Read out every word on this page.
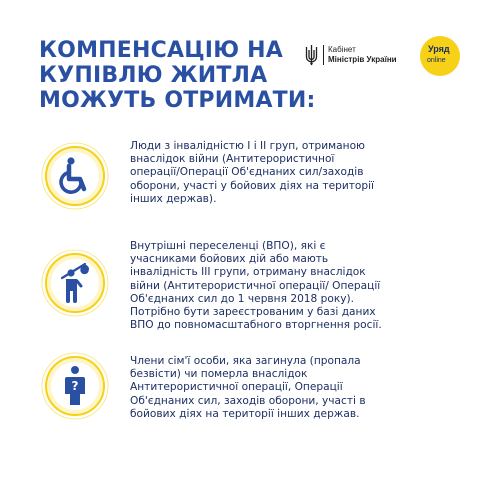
КОМПЕНСАЦІЮ НА
КУПІВЛЮ ЖИТЛА
МОЖУТЬ ОТРИМАТИ:
Кабінет
Міністрів України
Уряд
online
Люди з інвалідністю I і II груп, отриманою
внаслідок війни (Антитерористичної
операції/Операції Об'єднаних сил/заходів
оборони, участі у бойових діях на території
інших держав).
Внутрішні переселенці (ВПО), які є
учасниками бойових дій або мають
інвалідність III групи, отриману внаслідок
війни (Антитерористичної операції/ Операції
Об'єднаних сил до 1 червня 2018 року).
Потрібно бути зареєстрованим у базі даних
ВПО до повномасштабного вторгнення росії.
?
Члени сім'ї особи, яка загинула (пропала
безвісти) чи померла внаслідок
Антитерористичної операції, Операції
Об'єднаних сил, заходів оборони, участі в
бойових діях на території інших держав.
